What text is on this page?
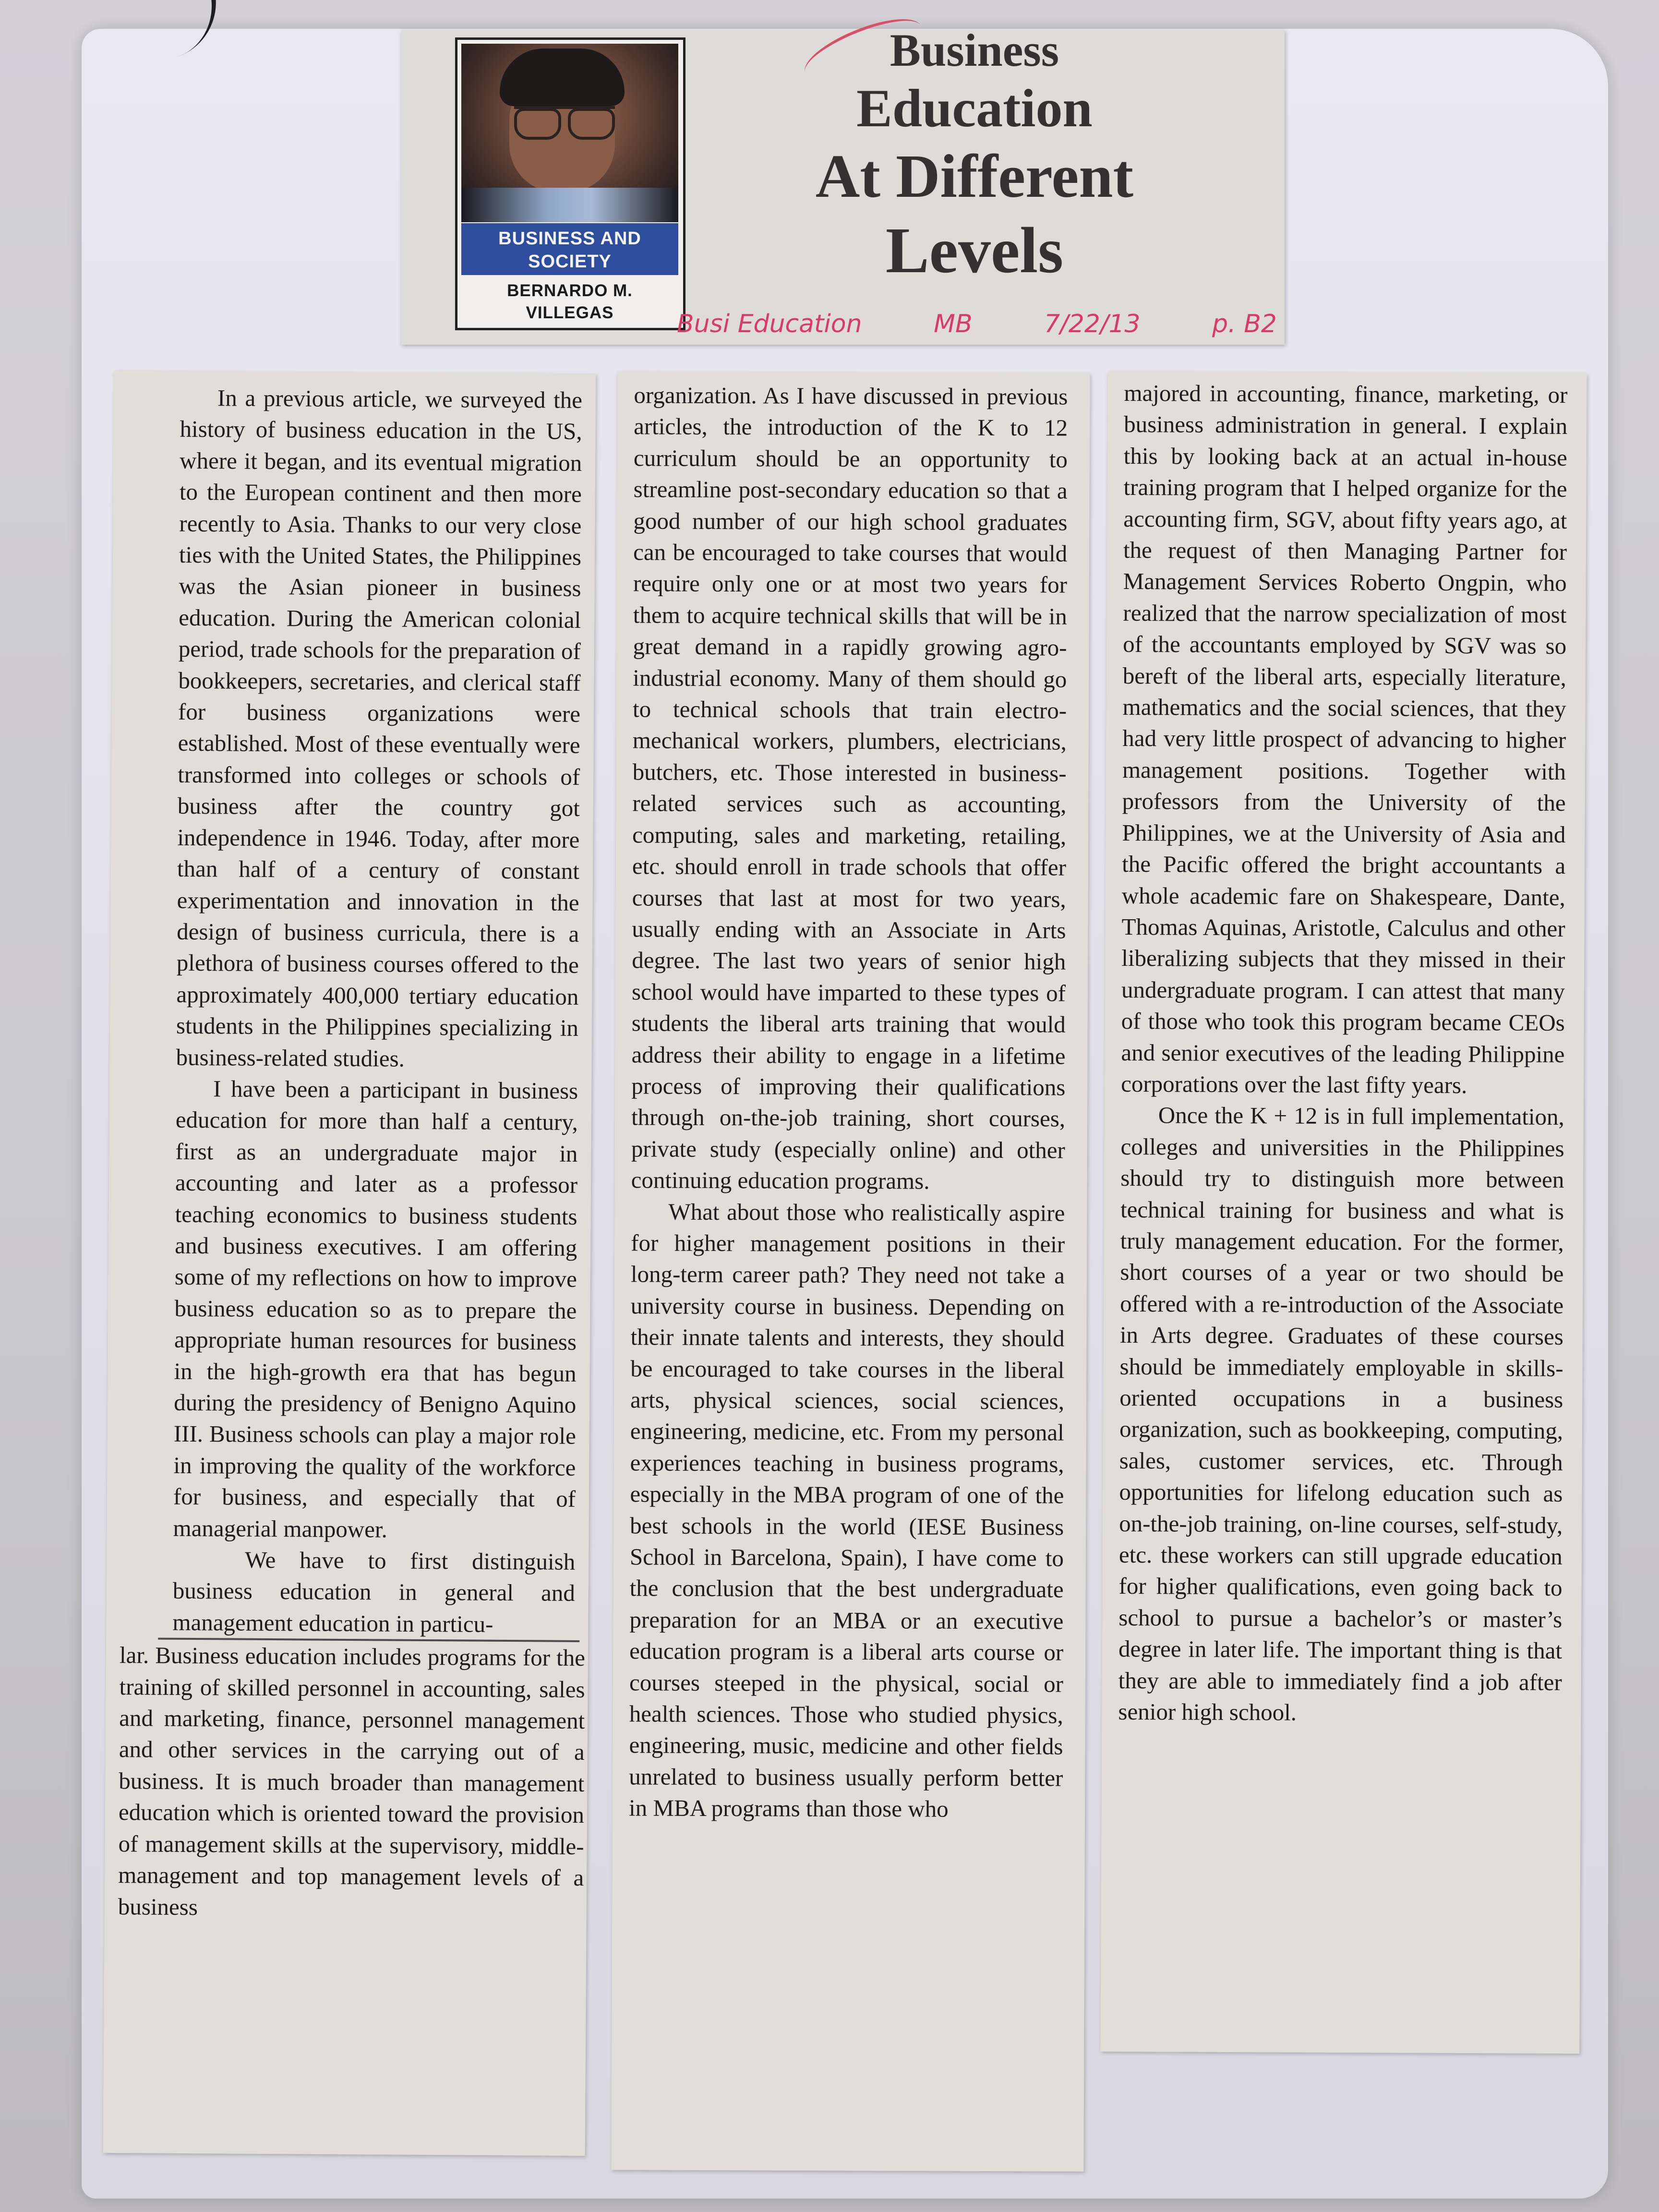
BUSINESS AND
SOCIETY
BERNARDO M.
VILLEGAS
Business
Education
At Different
Levels
Busi Education	MB	7/22/13	p. B2

In a previous article, we surveyed the history of business education in the US, where it began, and its eventual migration to the European continent and then more recently to Asia. Thanks to our very close ties with the United States, the Philippines was the Asian pioneer in business education. During the American colonial period, trade schools for the preparation of bookkeepers, secretaries, and clerical staff for business organizations were established. Most of these eventually were transformed into colleges or schools of business after the country got independence in 1946. Today, after more than half of a century of constant experimentation and innovation in the design of business curricula, there is a plethora of business courses offered to the approximately 400,000 tertiary education students in the Philippines specializing in business-related studies.

I have been a participant in business education for more than half a century, first as an undergraduate major in accounting and later as a professor teaching economics to business students and business executives. I am offering some of my reflections on how to improve business education so as to prepare the appropriate human resources for business in the high-growth era that has begun during the presidency of Benigno Aquino III. Business schools can play a major role in improving the quality of the workforce for business, and especially that of managerial manpower.

We have to first distinguish business education in general and management education in particu-

lar. Business education includes programs for the training of skilled personnel in accounting, sales and marketing, finance, personnel management and other services in the carrying out of a business. It is much broader than management education which is oriented toward the provision of management skills at the supervisory, middle-management and top management levels of a business

organization. As I have discussed in previous articles, the introduction of the K to 12 curriculum should be an opportunity to streamline post-secondary education so that a good number of our high school graduates can be encouraged to take courses that would require only one or at most two years for them to acquire technical skills that will be in great demand in a rapidly growing agro-industrial economy. Many of them should go to technical schools that train electro-mechanical workers, plumbers, electricians, butchers, etc. Those interested in business-related services such as accounting, computing, sales and marketing, retailing, etc. should enroll in trade schools that offer courses that last at most for two years, usually ending with an Associate in Arts degree. The last two years of senior high school would have imparted to these types of students the liberal arts training that would address their ability to engage in a lifetime process of improving their qualifications through on-the-job training, short courses, private study (especially online) and other continuing education programs.

What about those who realistically aspire for higher management positions in their long-term career path? They need not take a university course in business. Depending on their innate talents and interests, they should be encouraged to take courses in the liberal arts, physical sciences, social sciences, engineering, medicine, etc. From my personal experiences teaching in business programs, especially in the MBA program of one of the best schools in the world (IESE Business School in Barcelona, Spain), I have come to the conclusion that the best undergraduate preparation for an MBA or an executive education program is a liberal arts course or courses steeped in the physical, social or health sciences. Those who studied physics, engineering, music, medicine and other fields unrelated to business usually perform better in MBA programs than those who

majored in accounting, finance, marketing, or business administration in general. I explain this by looking back at an actual in-house training program that I helped organize for the accounting firm, SGV, about fifty years ago, at the request of then Managing Partner for Management Services Roberto Ongpin, who realized that the narrow specialization of most of the accountants employed by SGV was so bereft of the liberal arts, especially literature, mathematics and the social sciences, that they had very little prospect of advancing to higher management positions. Together with professors from the University of the Philippines, we at the University of Asia and the Pacific offered the bright accountants a whole academic fare on Shakespeare, Dante, Thomas Aquinas, Aristotle, Calculus and other liberalizing subjects that they missed in their undergraduate program. I can attest that many of those who took this program became CEOs and senior executives of the leading Philippine corporations over the last fifty years.

Once the K + 12 is in full implementation, colleges and universities in the Philippines should try to distinguish more between technical training for business and what is truly management education. For the former, short courses of a year or two should be offered with a re-introduction of the Associate in Arts degree. Graduates of these courses should be immediately employable in skills-oriented occupations in a business organization, such as bookkeeping, computing, sales, customer services, etc. Through opportunities for lifelong education such as on-the-job training, on-line courses, self-study, etc. these workers can still upgrade education for higher qualifications, even going back to school to pursue a bachelor’s or master’s degree in later life. The important thing is that they are able to immediately find a job after senior high school.
